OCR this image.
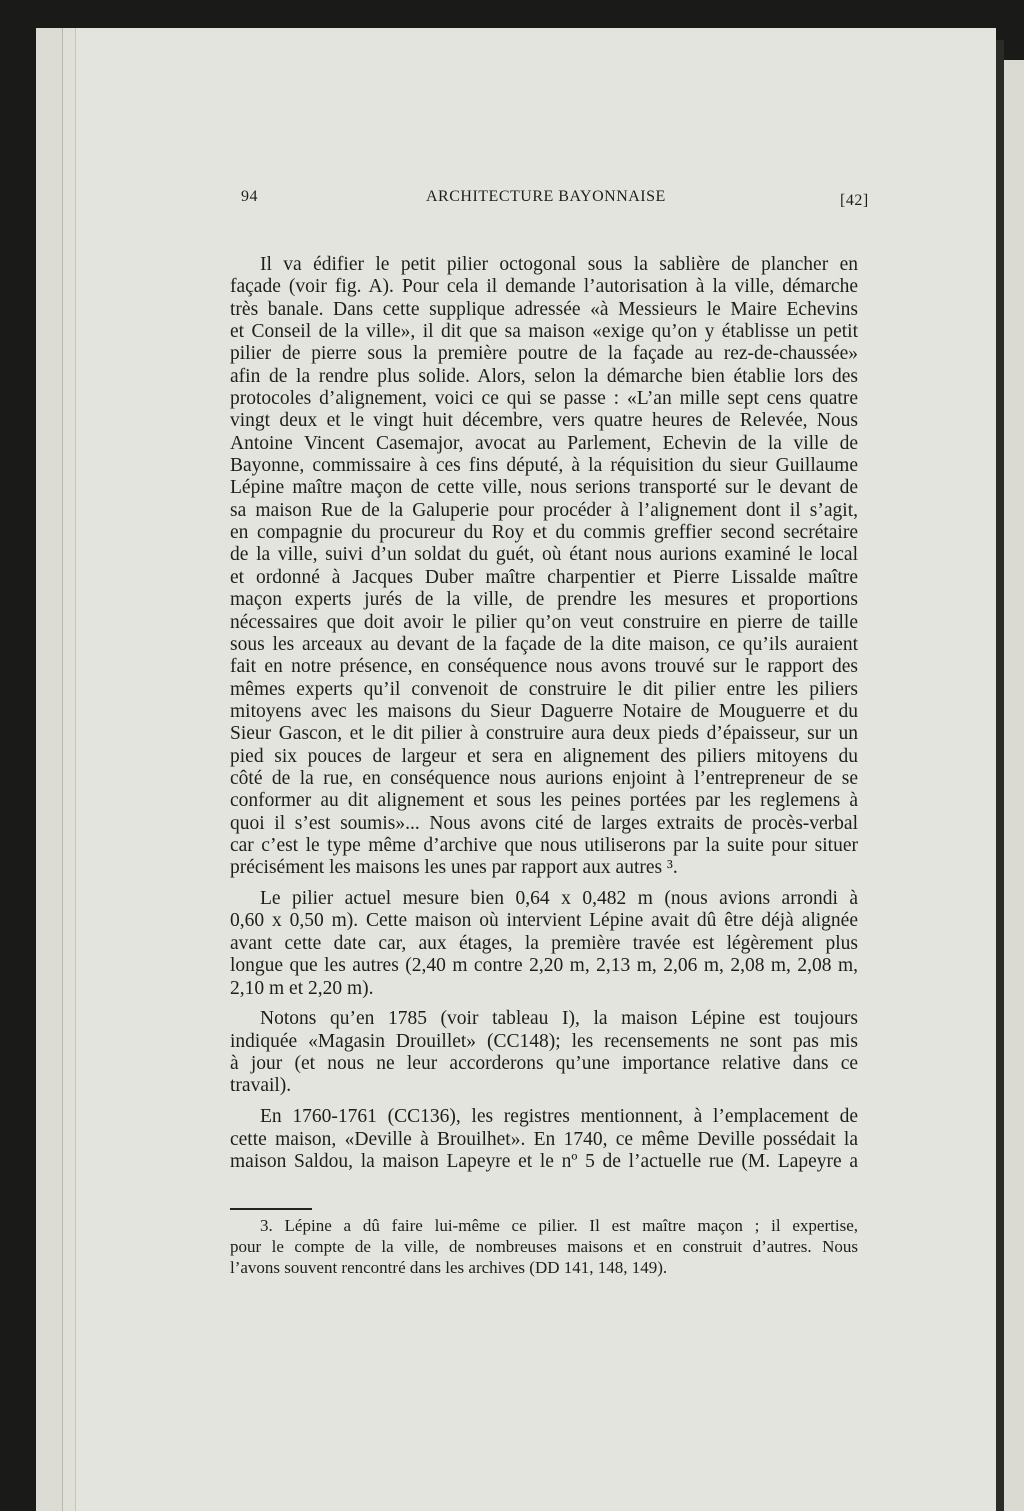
94	ARCHITECTURE BAYONNAISE	[42]
Il va édifier le petit pilier octogonal sous la sablière de plancher en
façade (voir fig. A). Pour cela il demande l’autorisation à la ville, démarche
très banale. Dans cette supplique adressée «à Messieurs le Maire Echevins
et Conseil de la ville», il dit que sa maison «exige qu’on y établisse un petit
pilier de pierre sous la première poutre de la façade au rez-de-chaussée»
afin de la rendre plus solide. Alors, selon la démarche bien établie lors des
protocoles d’alignement, voici ce qui se passe : «L’an mille sept cens quatre
vingt deux et le vingt huit décembre, vers quatre heures de Relevée, Nous
Antoine Vincent Casemajor, avocat au Parlement, Echevin de la ville de
Bayonne, commissaire à ces fins député, à la réquisition du sieur Guillaume
Lépine maître maçon de cette ville, nous serions transporté sur le devant de
sa maison Rue de la Galuperie pour procéder à l’alignement dont il s’agit,
en compagnie du procureur du Roy et du commis greffier second secrétaire
de la ville, suivi d’un soldat du guét, où étant nous aurions examiné le local
et ordonné à Jacques Duber maître charpentier et Pierre Lissalde maître
maçon experts jurés de la ville, de prendre les mesures et proportions
nécessaires que doit avoir le pilier qu’on veut construire en pierre de taille
sous les arceaux au devant de la façade de la dite maison, ce qu’ils auraient
fait en notre présence, en conséquence nous avons trouvé sur le rapport des
mêmes experts qu’il convenoit de construire le dit pilier entre les piliers
mitoyens avec les maisons du Sieur Daguerre Notaire de Mouguerre et du
Sieur Gascon, et le dit pilier à construire aura deux pieds d’épaisseur, sur un
pied six pouces de largeur et sera en alignement des piliers mitoyens du
côté de la rue, en conséquence nous aurions enjoint à l’entrepreneur de se
conformer au dit alignement et sous les peines portées par les reglemens à
quoi il s’est soumis»... Nous avons cité de larges extraits de procès-verbal
car c’est le type même d’archive que nous utiliserons par la suite pour situer
précisément les maisons les unes par rapport aux autres ³.
Le pilier actuel mesure bien 0,64 x 0,482 m (nous avions arrondi à
0,60 x 0,50 m). Cette maison où intervient Lépine avait dû être déjà alignée
avant cette date car, aux étages, la première travée est légèrement plus
longue que les autres (2,40 m contre 2,20 m, 2,13 m, 2,06 m, 2,08 m, 2,08 m,
2,10 m et 2,20 m).
Notons qu’en 1785 (voir tableau I), la maison Lépine est toujours
indiquée «Magasin Drouillet» (CC148); les recensements ne sont pas mis
à jour (et nous ne leur accorderons qu’une importance relative dans ce
travail).
En 1760-1761 (CC136), les registres mentionnent, à l’emplacement de
cette maison, «Deville à Brouilhet». En 1740, ce même Deville possédait la
maison Saldou, la maison Lapeyre et le nº 5 de l’actuelle rue (M. Lapeyre a
3. Lépine a dû faire lui-même ce pilier. Il est maître maçon ; il expertise,
pour le compte de la ville, de nombreuses maisons et en construit d’autres. Nous
l’avons souvent rencontré dans les archives (DD 141, 148, 149).
